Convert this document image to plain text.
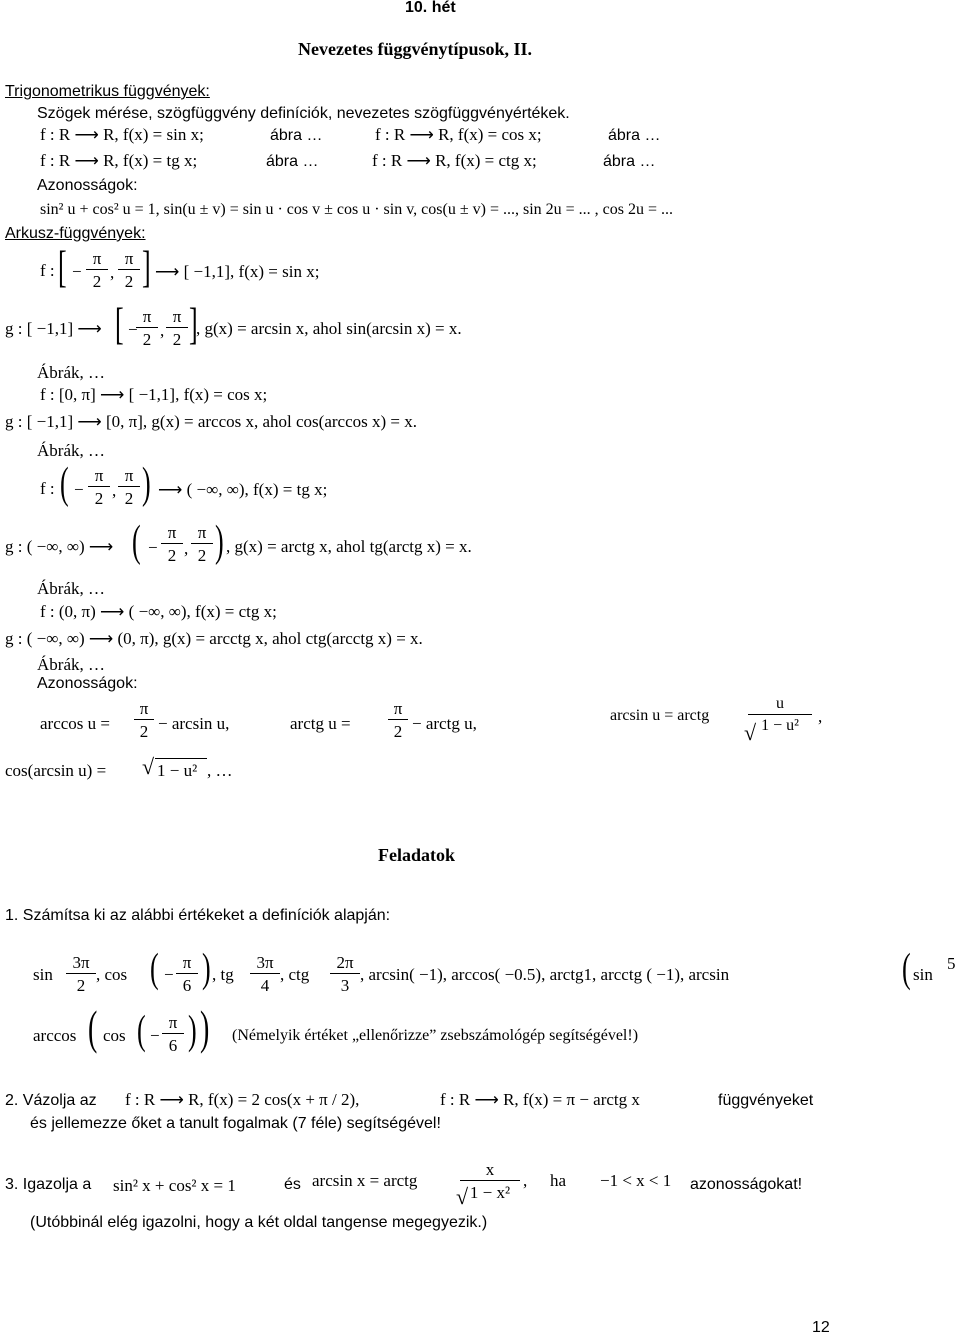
10. hét
Nevezetes függvénytípusok, II.
Trigonometrikus függvények:
Szögek mérése, szögfüggvény definíciók, nevezetes szögfüggvényértékek.
f : R ⟶ R, f(x) = sin x;	ábra …	f : R ⟶ R, f(x) = cos x;	ábra …
f : R ⟶ R, f(x) = tg x;	ábra …	f : R ⟶ R, f(x) = ctg x;	ábra …
Azonosságok:
sin² u + cos² u = 1, sin(u ± v) = sin u · cos v ± cos u · sin v, cos(u ± v) = ..., sin 2u = ... , cos 2u = ...
Arkusz-függvények:
f : [ − $\frac{\pi}{2}$ , $\frac{\pi}{2}$ ] ⟶ [ −1,1], f(x) = sin x;
g : [ −1,1] ⟶ [ −
$\frac{\pi}{2}$ , $\frac{\pi}{2}$ ]
, g(x) = arcsin x, ahol sin(arcsin x) = x.
Ábrák, …
f : [0, π] ⟶ [ −1,1], f(x) = cos x;
g : [ −1,1] ⟶ [0, π], g(x) = arccos x, ahol cos(arccos x) = x.
Ábrák, …
f : ( − $\frac{\pi}{2}$ , $\frac{\pi}{2}$ ) ⟶ ( −∞, ∞), f(x) = tg x;
g : ( −∞, ∞) ⟶ ( − $\frac{\pi}{2}$ , $\frac{\pi}{2}$ ) , g(x) = arctg x, ahol tg(arctg x) = x.
Ábrák, …
f : (0, π) ⟶ ( −∞, ∞), f(x) = ctg x;
g : ( −∞, ∞) ⟶ (0, π), g(x) = arcctg x, ahol ctg(arcctg x) = x.
Ábrák, …
Azonosságok:
$\arccos u = \frac{\pi}{2} - \arcsin u$,	arctg $u = \frac{\pi}{2}$ − arctg u,	arcsin u = arctg $\frac{u}{\text{1 − u²}}$
√
,
cos(arcsin u) = √ 1 − u² , …
Feladatok
1. Számítsa ki az alábbi értékeket a definíciók alapján:
$\sin \frac{3\pi}{2}$ , cos ( − $\frac{\pi}{6}$ ) , tg $\frac{3\pi}{4}$ , ctg $\frac{2\pi}{3}$ , arcsin( −1), arccos( −0.5), arctg1, arcctg ( −1), arcsin	( sin
5
arccos ( cos ( − $\frac{\pi}{6}$ ) ) (Némelyik értéket „ellenőrizze” zsebszámológép segítségével!)
2. Vázolja az f : R ⟶ R, f(x) = 2 cos(x + π / 2),	f : R ⟶ R, f(x) = π − arctg x	függvényeket
és jellemezze őket a tanult fogalmak (7 féle) segítségével!
3. Igazolja a sin² x + cos² x = 1	és arcsin x = arctg	$\frac{x}{\text{1 − x²}}$
√
, ha −1 < x < 1 azonosságokat!
(Utóbbinál elég igazolni, hogy a két oldal tangense megegyezik.)
12
